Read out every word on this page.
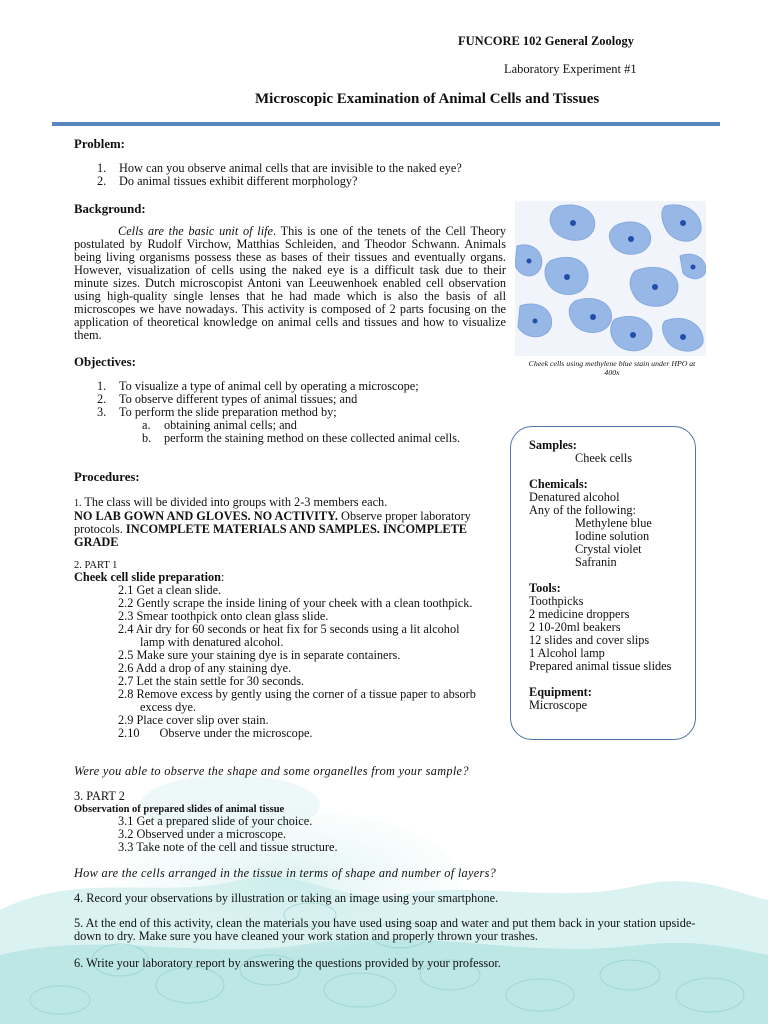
FUNCORE 102 General Zoology

Laboratory Experiment #1

Microscopic Examination of Animal Cells and Tissues

Problem:

1. How can you observe animal cells that are invisible to the naked eye?
2. Do animal tissues exhibit different morphology?

Background:

Cells are the basic unit of life. This is one of the tenets of the Cell Theory postulated by Rudolf Virchow, Matthias Schleiden, and Theodor Schwann. Animals being living organisms possess these as bases of their tissues and eventually organs. However, visualization of cells using the naked eye is a difficult task due to their minute sizes. Dutch microscopist Antoni van Leeuwenhoek enabled cell observation using high-quality single lenses that he had made which is also the basis of all microscopes we have nowadays. This activity is composed of 2 parts focusing on the application of theoretical knowledge on animal cells and tissues and how to visualize them.

Cheek cells using methylene blue stain under HPO at 400x

Objectives:

1. To visualize a type of animal cell by operating a microscope;
2. To observe different types of animal tissues; and
3. To perform the slide preparation method by;
a. obtaining animal cells; and
b. perform the staining method on these collected animal cells.	Samples:
Cheek cells
Chemicals:
Denatured alcohol
Any of the following:
Methylene blue
Iodine solution
Crystal violet
Safranin
Tools:
Toothpicks
2 medicine droppers
2 10-20ml beakers
12 slides and cover slips
1 Alcohol lamp
Prepared animal tissue slides
Equipment:
Microscope

Procedures:

1. The class will be divided into groups with 2-3 members each.
NO LAB GOWN AND GLOVES. NO ACTIVITY. Observe proper laboratory protocols. INCOMPLETE MATERIALS AND SAMPLES. INCOMPLETE GRADE

2. PART 1

Cheek cell slide preparation:

2.1 Get a clean slide.
2.2 Gently scrape the inside lining of your cheek with a clean toothpick.
2.3 Smear toothpick onto clean glass slide.
2.4 Air dry for 60 seconds or heat fix for 5 seconds using a lit alcohol lamp with denatured alcohol.
2.5 Make sure your staining dye is in separate containers.
2.6 Add a drop of any staining dye.
2.7 Let the stain settle for 30 seconds.
2.8 Remove excess by gently using the corner of a tissue paper to absorb excess dye.
2.9 Place cover slip over stain.
2.10 Observe under the microscope.

Were you able to observe the shape and some organelles from your sample?

3. PART 2

Observation of prepared slides of animal tissue

3.1 Get a prepared slide of your choice.
3.2 Observed under a microscope.
3.3 Take note of the cell and tissue structure.

How are the cells arranged in the tissue in terms of shape and number of layers?

4. Record your observations by illustration or taking an image using your smartphone.

5. At the end of this activity, clean the materials you have used using soap and water and put them back in your station upside-down to dry. Make sure you have cleaned your work station and properly thrown your trashes.

6. Write your laboratory report by answering the questions provided by your professor.
